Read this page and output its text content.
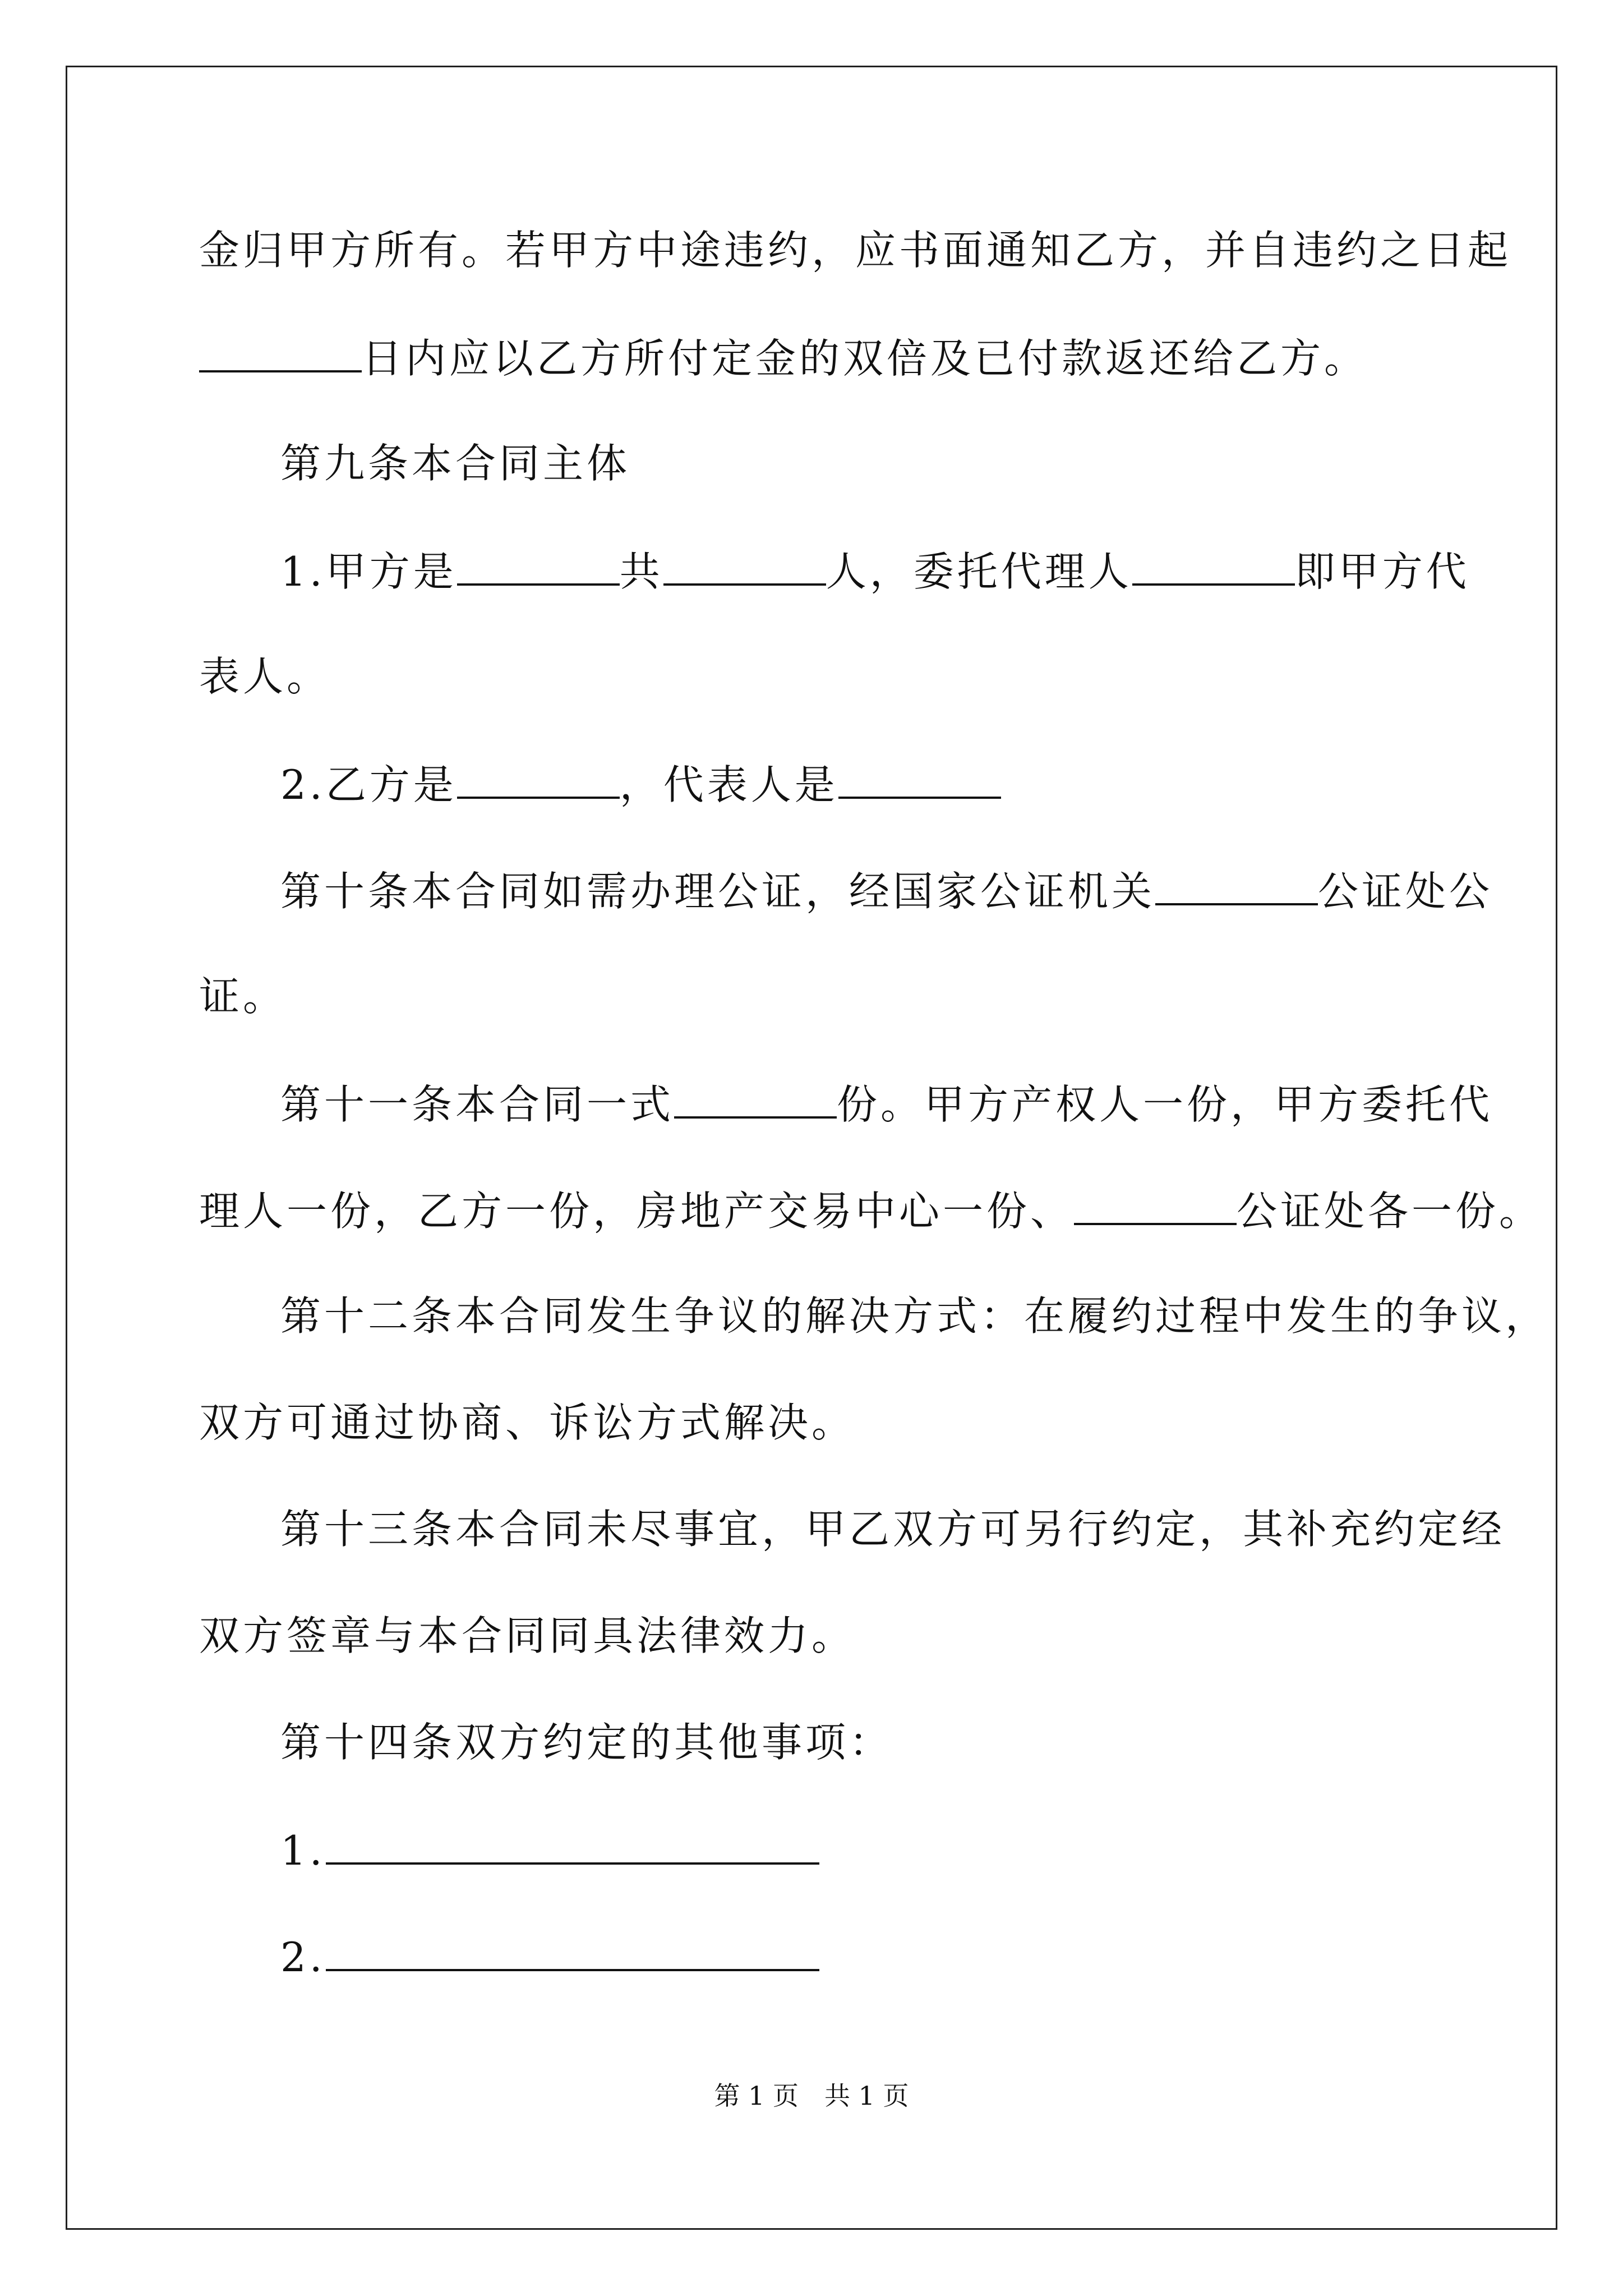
金归甲方所有。若甲方中途违约，应书面通知乙方，并自违约之日起
日内应以乙方所付定金的双倍及已付款返还给乙方。
第九条本合同主体
1.甲方是	共	人，委托代理人	即甲方代
表人。
2.乙方是	，代表人是
第十条本合同如需办理公证，经国家公证机关	公证处公
证。
第十一条本合同一式	份。甲方产权人一份，甲方委托代
理人一份，乙方一份，房地产交易中心一份、	公证处各一份。
第十二条本合同发生争议的解决方式：在履约过程中发生的争议，
双方可通过协商、诉讼方式解决。
第十三条本合同未尽事宜，甲乙双方可另行约定，其补充约定经
双方签章与本合同同具法律效力。
第十四条双方约定的其他事项：
1.
2.
第 1 页　共 1 页
